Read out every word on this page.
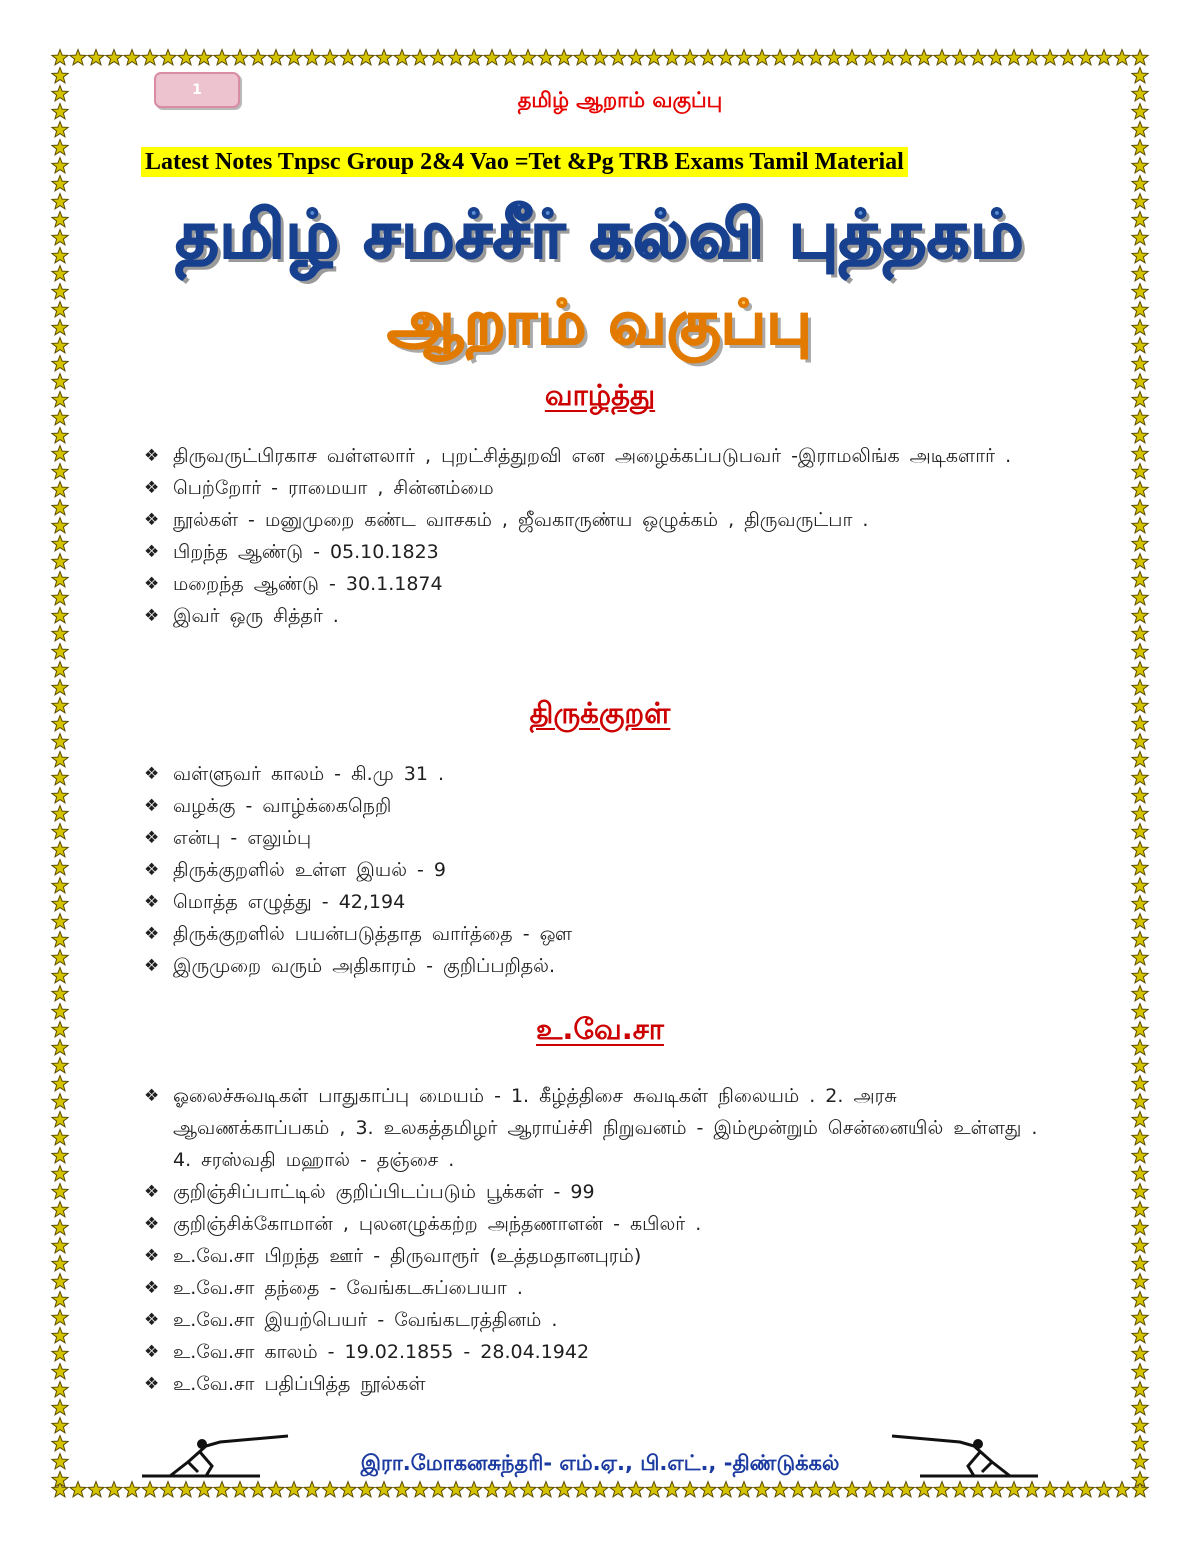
1	தமிழ் ஆறாம் வகுப்பு
Latest Notes Tnpsc Group 2&4 Vao =Tet &Pg TRB Exams Tamil Material
தமிழ் சமச்சீர் கல்வி புத்தகம்
ஆறாம் வகுப்பு
வாழ்த்து
❖ திருவருட்பிரகாச வள்ளலார் , புறட்சித்துறவி என அழைக்கப்படுபவர் -இராமலிங்க அடிகளார் .
❖ பெற்றோர் - ராமையா , சின்னம்மை
❖ நூல்கள் - மனுமுறை கண்ட வாசகம் , ஜீவகாருண்ய ஒழுக்கம் , திருவருட்பா .
❖ பிறந்த ஆண்டு - 05.10.1823
❖ மறைந்த ஆண்டு - 30.1.1874
❖ இவர் ஒரு சித்தர் .
திருக்குறள்
❖ வள்ளுவர் காலம் - கி.மு 31 .
❖ வழக்கு - வாழ்க்கைநெறி
❖ என்பு - எலும்பு
❖ திருக்குறளில் உள்ள இயல் - 9
❖ மொத்த எழுத்து - 42,194
❖ திருக்குறளில் பயன்படுத்தாத வார்த்தை - ஔ
❖ இருமுறை வரும் அதிகாரம் - குறிப்பறிதல்.
உ.வே.சா
❖ ஓலைச்சுவடிகள் பாதுகாப்பு மையம் - 1. கீழ்த்திசை சுவடிகள் நிலையம் . 2. அரசு ஆவணக்காப்பகம் , 3. உலகத்தமிழர் ஆராய்ச்சி நிறுவனம் - இம்மூன்றும் சென்னையில் உள்ளது . 4. சரஸ்வதி மஹால் - தஞ்சை .
❖ குறிஞ்சிப்பாட்டில் குறிப்பிடப்படும் பூக்கள் - 99
❖ குறிஞ்சிக்கோமான் , புலனழுக்கற்ற அந்தணாளன் - கபிலர் .
❖ உ.வே.சா பிறந்த ஊர் - திருவாரூர் (உத்தமதானபுரம்)
❖ உ.வே.சா தந்தை - வேங்கடசுப்பையா .
❖ உ.வே.சா இயற்பெயர் - வேங்கடரத்தினம் .
❖ உ.வே.சா காலம் - 19.02.1855 - 28.04.1942
❖ உ.வே.சா பதிப்பித்த நூல்கள்
இரா.மோகனசுந்தரி- எம்.ஏ., பி.எட்., -திண்டுக்கல்
